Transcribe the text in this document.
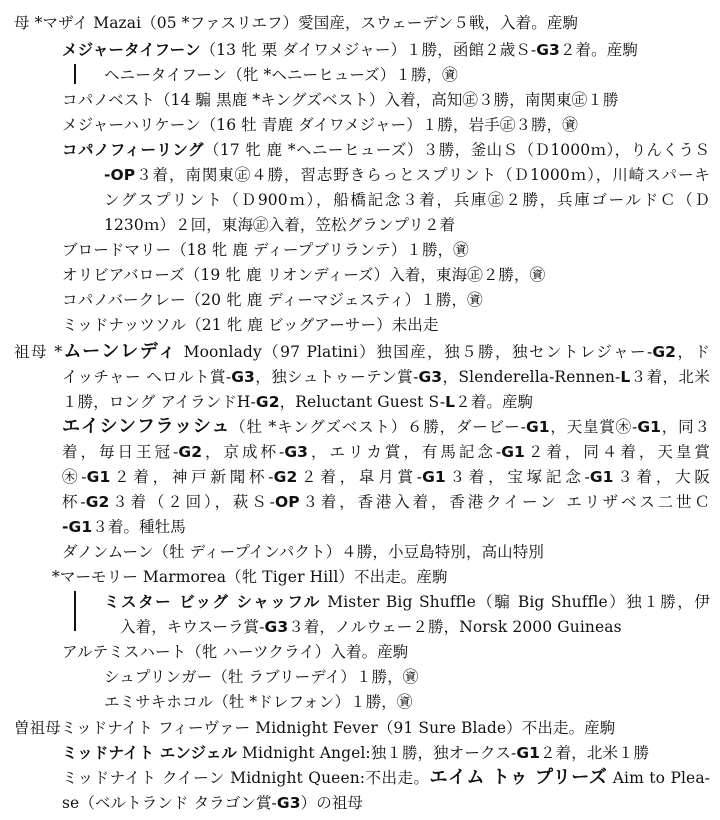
母 *マザイ Mazai（05 *ファスリエフ）愛国産，スウェーデン５戦，入着。産駒
メジャータイフーン（13 牝 栗 ダイワメジャー）１勝，函館２歳Ｓ-G3２着。産駒
ヘニータイフーン（牝 *ヘニーヒューズ）１勝，㊮
コパノベスト（14 騸 黒鹿 *キングズベスト）入着，高知㊣３勝，南関東㊣１勝
メジャーハリケーン（16 牡 青鹿 ダイワメジャー）１勝，岩手㊣３勝，㊮
コパノフィーリング（17 牝 鹿 *ヘニーヒューズ）３勝，釜山Ｓ（Ｄ1000ｍ），りんくうＳ
-OP３着，南関東㊣４勝，習志野きらっとスプリント（Ｄ1000ｍ），川崎スパーキ
ングスプリント（Ｄ900ｍ），船橋記念３着，兵庫㊣２勝，兵庫ゴールドＣ（Ｄ
1230ｍ）２回，東海㊣入着，笠松グランプリ２着
ブロードマリー（18 牝 鹿 ディープブリランテ）１勝，㊮
オリビアバローズ（19 牝 鹿 リオンディーズ）入着，東海㊣２勝，㊮
コパノバークレー（20 牝 鹿 ディーマジェスティ）１勝，㊮
ミッドナッツソル（21 牝 鹿 ビッグアーサー）未出走
祖母 *ムーンレディ Moonlady（97 Platini）独国産，独５勝，独セントレジャー-G2，ド
イッチャー ヘロルト賞-G3，独シュトゥーテン賞-G3，Slenderella-Rennen-L３着，北米
１勝，ロング アイランドH-G2，Reluctant Guest S-L２着。産駒
エイシンフラッシュ（牡 *キングズベスト）６勝，ダービー-G1，天皇賞㊍-G1，同３
着，毎日王冠-G2，京成杯-G3，エリカ賞，有馬記念-G1２着，同４着，天皇賞
㊍-G1２着，神戸新聞杯-G2２着，皐月賞-G1３着，宝塚記念-G1３着，大阪
杯-G2３着（２回），萩Ｓ-OP３着，香港入着，香港クイーン エリザベス二世Ｃ
-G1３着。種牡馬
ダノンムーン（牡 ディープインパクト）４勝，小豆島特別，高山特別
*マーモリー Marmorea（牝 Tiger Hill）不出走。産駒
ミスター ビッグ シャッフル Mister Big Shuffle（騸 Big Shuffle）独１勝，伊
入着，キウスーラ賞-G3３着，ノルウェー２勝，Norsk 2000 Guineas
アルテミスハート（牝 ハーツクライ）入着。産駒
シュプリンガー（牡 ラブリーデイ）１勝，㊮
エミサキホコル（牡 *ドレフォン）１勝，㊮
曽祖母ミッドナイト フィーヴァー Midnight Fever（91 Sure Blade）不出走。産駒
ミッドナイト エンジェル Midnight Angel:独１勝，独オークス-G1２着，北米１勝
ミッドナイト クイーン Midnight Queen:不出走。エイム トゥ プリーズ Aim to Plea-
se（ベルトランド タラゴン賞-G3）の祖母
